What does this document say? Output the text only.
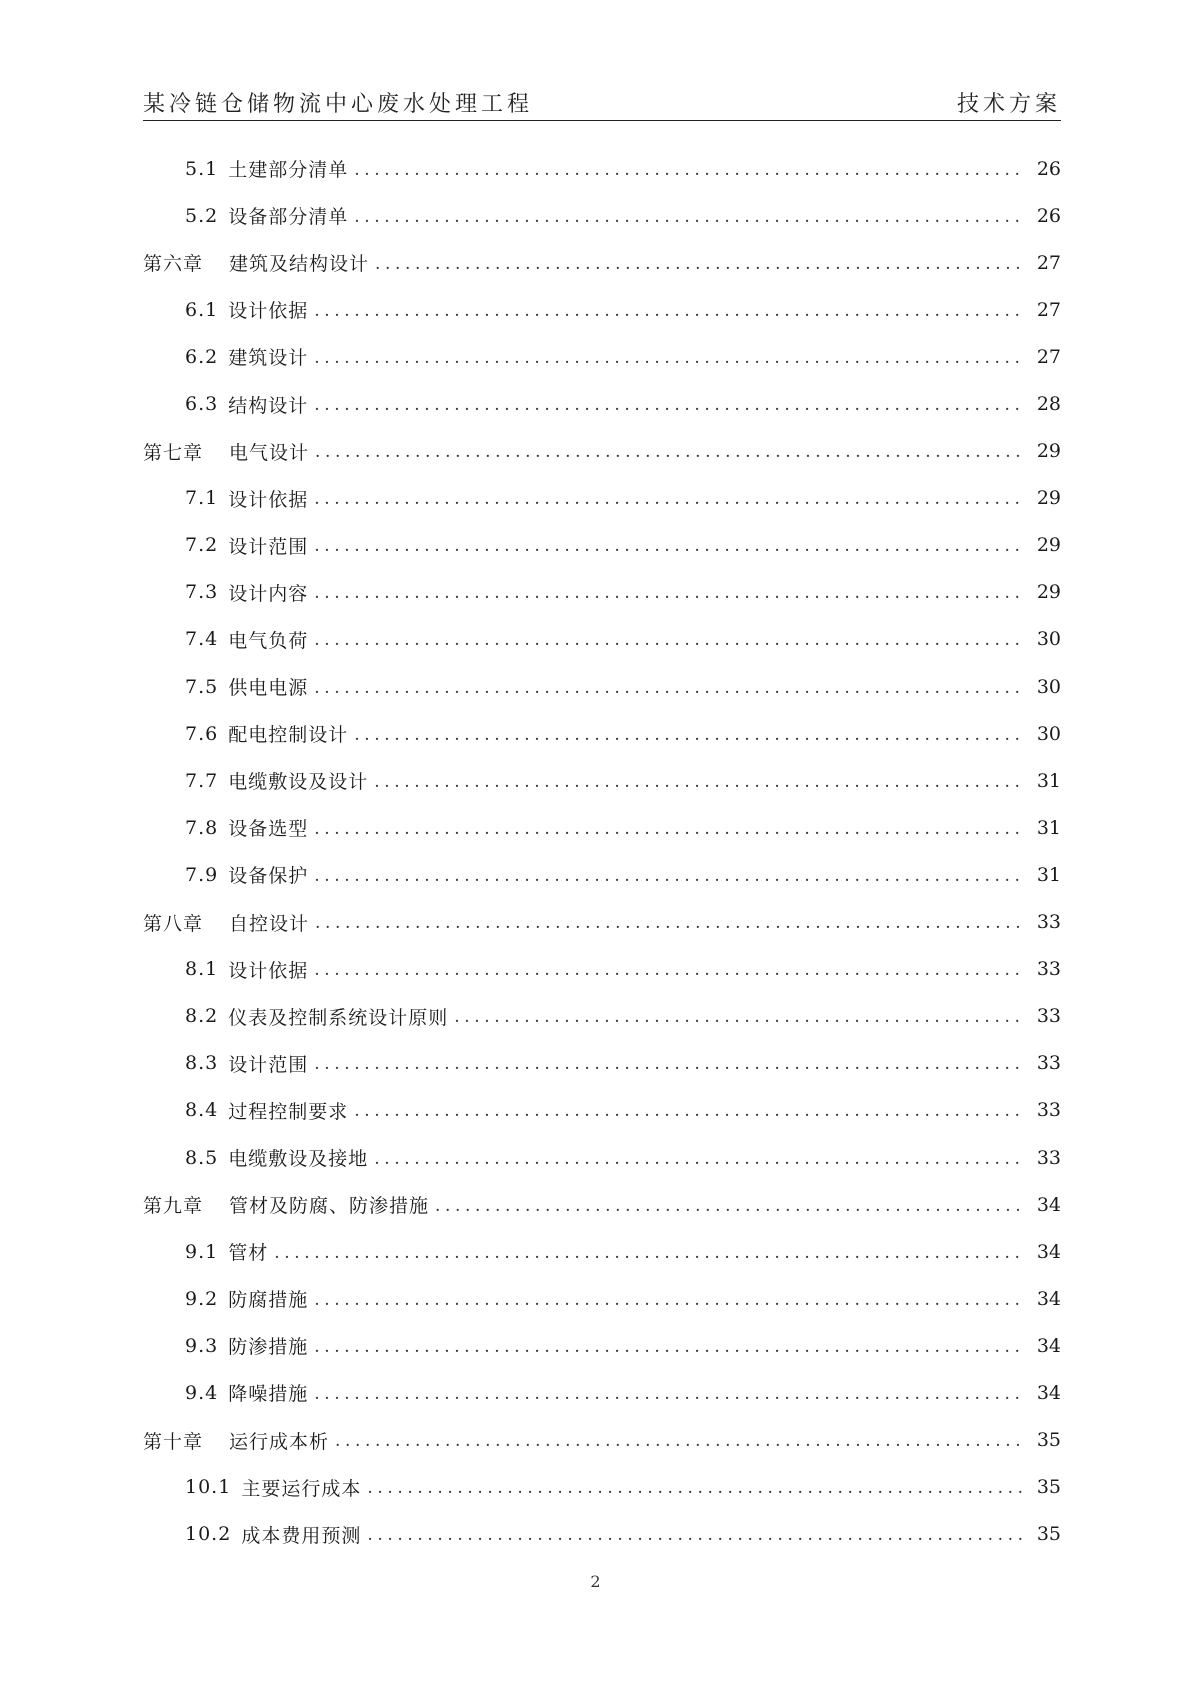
某冷链仓储物流中心废水处理工程	技术方案
5.1 土建部分清单 .....	26
5.2 设备部分清单 .....	26
第六章	建筑及结构设计 .....	27
6.1 设计依据 .....	27
6.2 建筑设计 .....	27
6.3 结构设计 .....	28
第七章	电气设计 .....	29
7.1 设计依据 .....	29
7.2 设计范围 .....	29
7.3 设计内容 .....	29
7.4 电气负荷 .....	30
7.5 供电电源 .....	30
7.6 配电控制设计 .....	30
7.7 电缆敷设及设计 .....	31
7.8 设备选型 .....	31
7.9 设备保护 .....	31
第八章	自控设计 .....	33
8.1 设计依据 .....	33
8.2 仪表及控制系统设计原则 .....	33
8.3 设计范围 .....	33
8.4 过程控制要求 .....	33
8.5 电缆敷设及接地 .....	33
第九章	管材及防腐、防渗措施 .....	34
9.1 管材 .....	34
9.2 防腐措施 .....	34
9.3 防渗措施 .....	34
9.4 降噪措施 .....	34
第十章	运行成本析 .....	35
10.1 主要运行成本 .....	35
10.2 成本费用预测 .....	35
2
